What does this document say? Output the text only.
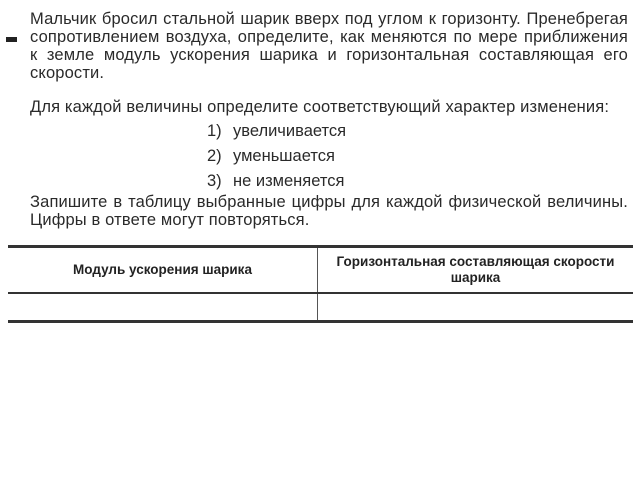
Мальчик бросил стальной шарик вверх под углом к горизонту. Пренебрегая сопротивлением воздуха, определите, как меняются по мере приближения к земле модуль ускорения шарика и горизонтальная составляющая его скорости.

Для каждой величины определите соответствующий характер изменения:

1) увеличивается
2) уменьшается
3) не изменяется

Запишите в таблицу выбранные цифры для каждой физической величины. Цифры в ответе могут повторяться.

Модуль ускорения шарика	Горизонтальная составляющая скорости шарика
